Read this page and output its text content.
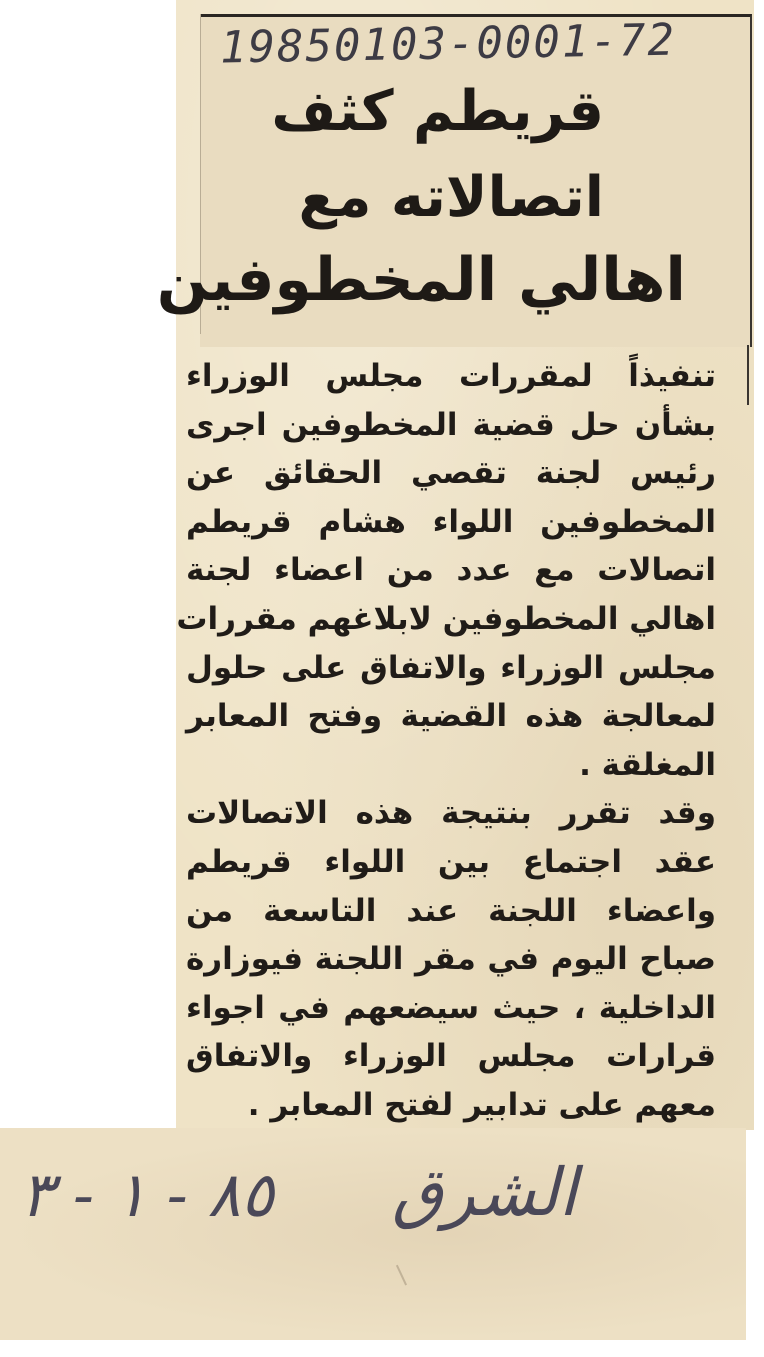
19850103-0001-72
قريطم كثف
اتصالاته مع
اهالي المخطوفين
تنفيذاً لمقررات مجلس الوزراء
بشأن حل قضية المخطوفين اجرى
رئيس لجنة تقصي الحقائق عن
المخطوفين اللواء هشام قريطم
اتصالات مع عدد من اعضاء لجنة
اهالي المخطوفين لابلاغهم مقررات
مجلس الوزراء والاتفاق على حلول
لمعالجة هذه القضية وفتح المعابر
المغلقة .
وقد تقرر بنتيجة هذه الاتصالات
عقد اجتماع بين اللواء قريطم
واعضاء اللجنة عند التاسعة من
صباح اليوم في مقر اللجنة فيوزارة
الداخلية ، حيث سيضعهم في اجواء
قرارات مجلس الوزراء والاتفاق
معهم على تدابير لفتح المعابر .
٨٥ - ١ - ٣ الشرق
